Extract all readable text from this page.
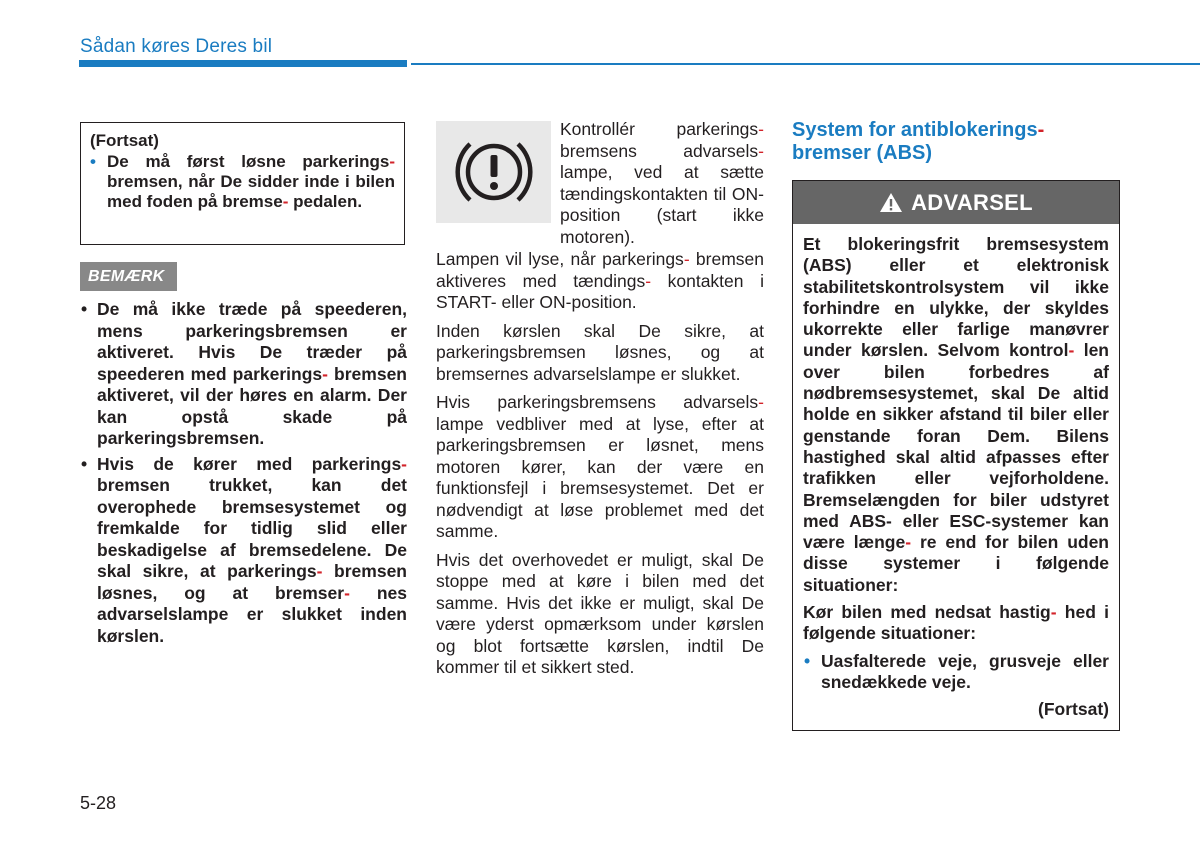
Sådan køres Deres bil
(Fortsat)
• De må først løsne parkerings- bremsen, når De sidder inde i bilen med foden på bremse- pedalen.
BEMÆRK
• De må ikke træde på speederen, mens parkeringsbremsen er aktiveret. Hvis De træder på speederen med parkerings- bremsen aktiveret, vil der høres en alarm. Der kan opstå skade på parkeringsbremsen.
• Hvis de kører med parkerings- bremsen trukket, kan det overophede bremsesystemet og fremkalde for tidlig slid eller beskadigelse af bremsedelene. De skal sikre, at parkerings- bremsen løsnes, og at bremser- nes advarselslampe er slukket inden kørslen.
Kontrollér parkerings- bremsens advarsels- lampe, ved at sætte tændingskontakten til ON-position (start ikke motoren).

Lampen vil lyse, når parkerings- bremsen aktiveres med tændings- kontakten i START- eller ON-position.

Inden kørslen skal De sikre, at parkeringsbremsen løsnes, og at bremsernes advarselslampe er slukket.

Hvis parkeringsbremsens advarsels- lampe vedbliver med at lyse, efter at parkeringsbremsen er løsnet, mens motoren kører, kan der være en funktionsfejl i bremsesystemet. Det er nødvendigt at løse problemet med det samme.

Hvis det overhovedet er muligt, skal De stoppe med at køre i bilen med det samme. Hvis det ikke er muligt, skal De være yderst opmærksom under kørslen og blot fortsætte kørslen, indtil De kommer til et sikkert sted.

System for antiblokerings-
bremser (ABS)
ADVARSEL

Et blokeringsfrit bremsesystem (ABS) eller et elektronisk stabilitetskontrolsystem vil ikke forhindre en ulykke, der skyldes ukorrekte eller farlige manøvrer under kørslen. Selvom kontrol- len over bilen forbedres af nødbremsesystemet, skal De altid holde en sikker afstand til biler eller genstande foran Dem. Bilens hastighed skal altid afpasses efter trafikken eller vejforholdene. Bremselængden for biler udstyret med ABS- eller ESC-systemer kan være længe- re end for bilen uden disse systemer i følgende situationer:

Kør bilen med nedsat hastig- hed i følgende situationer:

• Uasfalterede veje, grusveje eller snedækkede veje.

(Fortsat)

5-28
